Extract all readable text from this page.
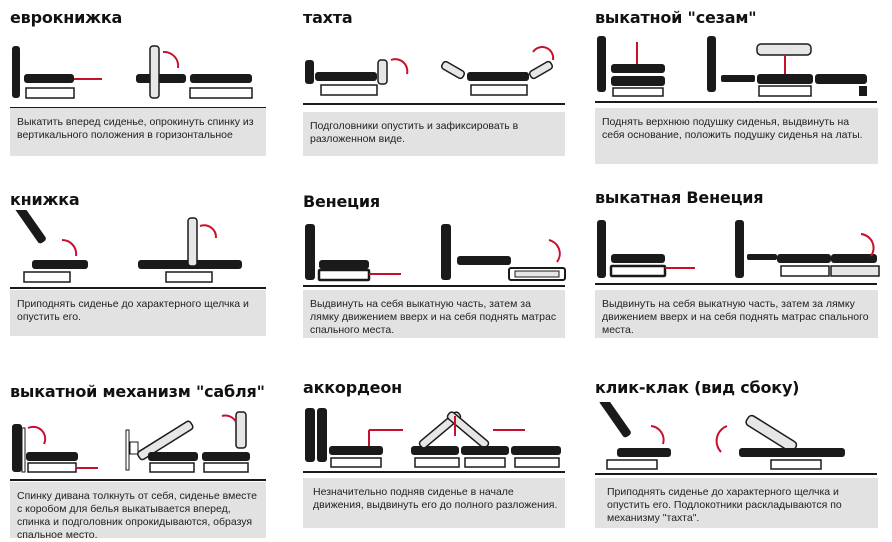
еврокнижка
Выкатить вперед сиденье, опрокинуть спинку из вертикального положения в горизонтальное
тахта
Подголовники опустить и зафиксировать в разложенном виде.
выкатной "сезам"
Поднять верхнюю подушку сиденья, выдвинуть на себя основание, положить подушку сиденья на латы.
книжка
Приподнять сиденье до характерного щелчка и опустить его.
Венеция
Выдвинуть на себя выкатную часть, затем за лямку движением вверх и на себя поднять матрас спального места.
выкатная Венеция
Выдвинуть на себя выкатную часть, затем за лямку движением вверх и на себя поднять матрас спального места.
выкатной механизм "сабля"
Спинку дивана толкнуть от себя, сиденье вместе с коробом для белья выкатывается вперед, спинка и подголовник опрокидываются, образуя спальное место.
аккордеон
Незначительно подняв сиденье в начале движения, выдвинуть его до полного разложения.
клик-клак (вид сбоку)
Приподнять сиденье до характерного щелчка и опустить его. Подлокотники раскладываются по механизму "тахта".
